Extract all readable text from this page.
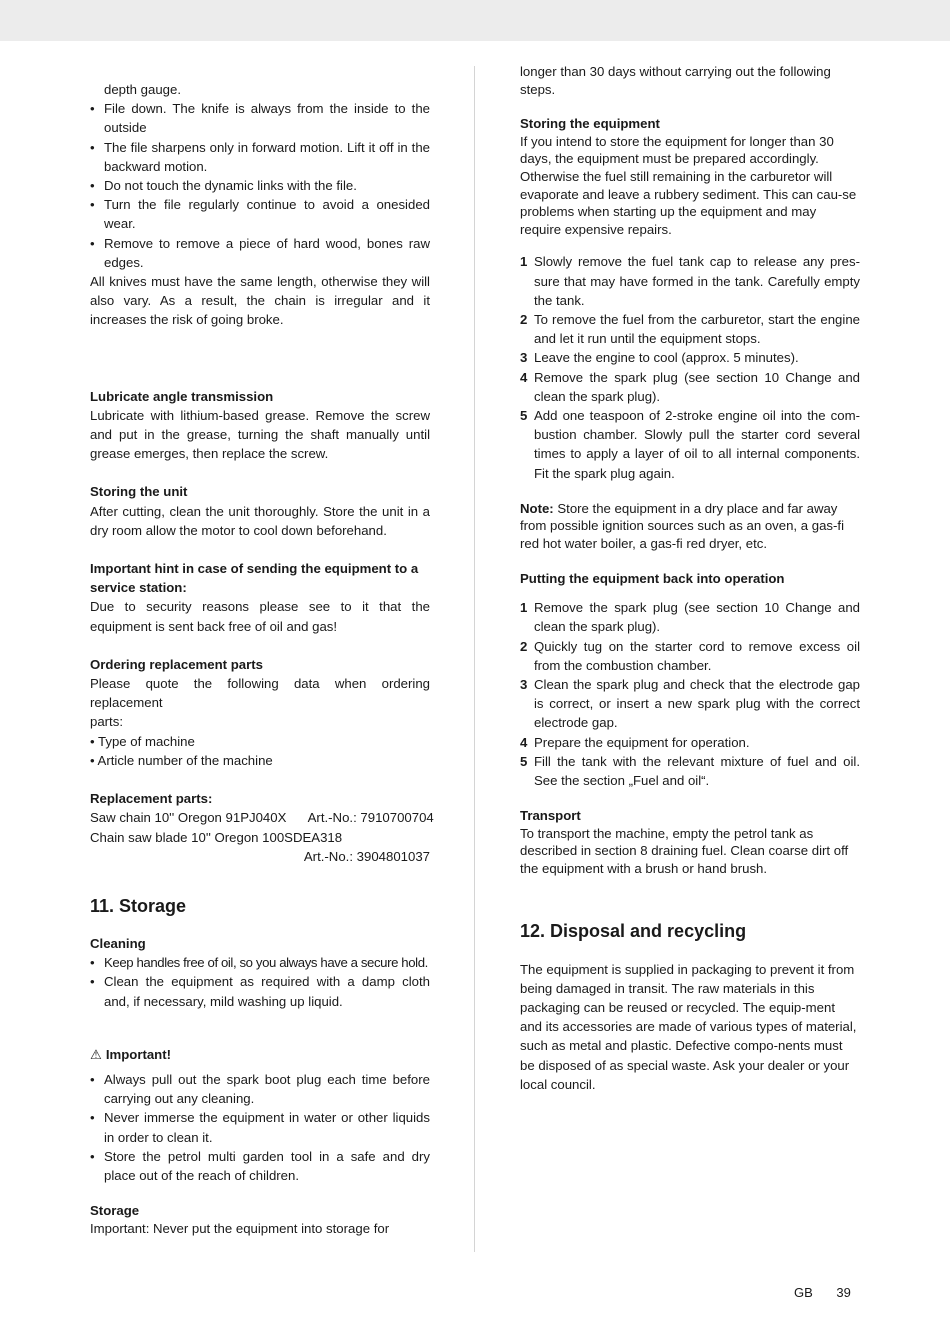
depth gauge.
• File down. The knife is always from the inside to the outside
• The file sharpens only in forward motion. Lift it off in the backward motion.
• Do not touch the dynamic links with the file.
• Turn the file regularly continue to avoid a onesided wear.
• Remove to remove a piece of hard wood, bones raw edges.

All knives must have the same length, otherwise they will also vary. As a result, the chain is irregular and it increases the risk of going broke.

Lubricate angle transmission

Lubricate with lithium-based grease. Remove the screw and put in the grease, turning the shaft manually until grease emerges, then replace the screw.

Storing the unit

After cutting, clean the unit thoroughly. Store the unit in a dry room allow the motor to cool down beforehand.

Important hint in case of sending the equipment to a service station:

Due to security reasons please see to it that the equipment is sent back free of oil and gas!

Ordering replacement parts

Please quote the following data when ordering replacement

parts:

• Type of machine

• Article number of the machine

Replacement parts:

Saw chain 10'' Oregon 91PJ040X      Art.-No.: 7910700704

Chain saw blade 10'' Oregon 100SDEA318

Art.-No.: 3904801037

11. Storage

Cleaning

• Keep handles free of oil, so you always have a secure hold.
• Clean the equipment as required with a damp cloth and, if necessary, mild washing up liquid.

⚠ Important!

• Always pull out the spark boot plug each time before carrying out any cleaning.
• Never immerse the equipment in water or other liquids in order to clean it.
• Store the petrol multi garden tool in a safe and dry place out of the reach of children.

Storage

Important: Never put the equipment into storage for

longer than 30 days without carrying out the following steps.

Storing the equipment

If you intend to store the equipment for longer than 30 days, the equipment must be prepared accordingly. Otherwise the fuel still remaining in the carburetor will evaporate and leave a rubbery sediment. This can cau-se problems when starting up the equipment and may require expensive repairs.

1 Slowly remove the fuel tank cap to release any pres-sure that may have formed in the tank. Carefully empty the tank.
2 To remove the fuel from the carburetor, start the engine and let it run until the equipment stops.
3 Leave the engine to cool (approx. 5 minutes).
4 Remove the spark plug (see section 10 Change and clean the spark plug).
5 Add one teaspoon of 2-stroke engine oil into the com-bustion chamber. Slowly pull the starter cord several times to apply a layer of oil to all internal components. Fit the spark plug again.

Note: Store the equipment in a dry place and far away from possible ignition sources such as an oven, a gas-fi red hot water boiler, a gas-fi red dryer, etc.

Putting the equipment back into operation

1 Remove the spark plug (see section 10 Change and clean the spark plug).
2 Quickly tug on the starter cord to remove excess oil from the combustion chamber.
3 Clean the spark plug and check that the electrode gap is correct, or insert a new spark plug with the correct electrode gap.
4 Prepare the equipment for operation.
5 Fill the tank with the relevant mixture of fuel and oil. See the section „Fuel and oil“.

Transport

To transport the machine, empty the petrol tank as described in section 8 draining fuel. Clean coarse dirt off the equipment with a brush or hand brush.

12. Disposal and recycling

The equipment is supplied in packaging to prevent it from being damaged in transit. The raw materials in this packaging can be reused or recycled. The equip-ment and its accessories are made of various types of material, such as metal and plastic. Defective compo-nents must be disposed of as special waste. Ask your dealer or your local council.

GB 39
